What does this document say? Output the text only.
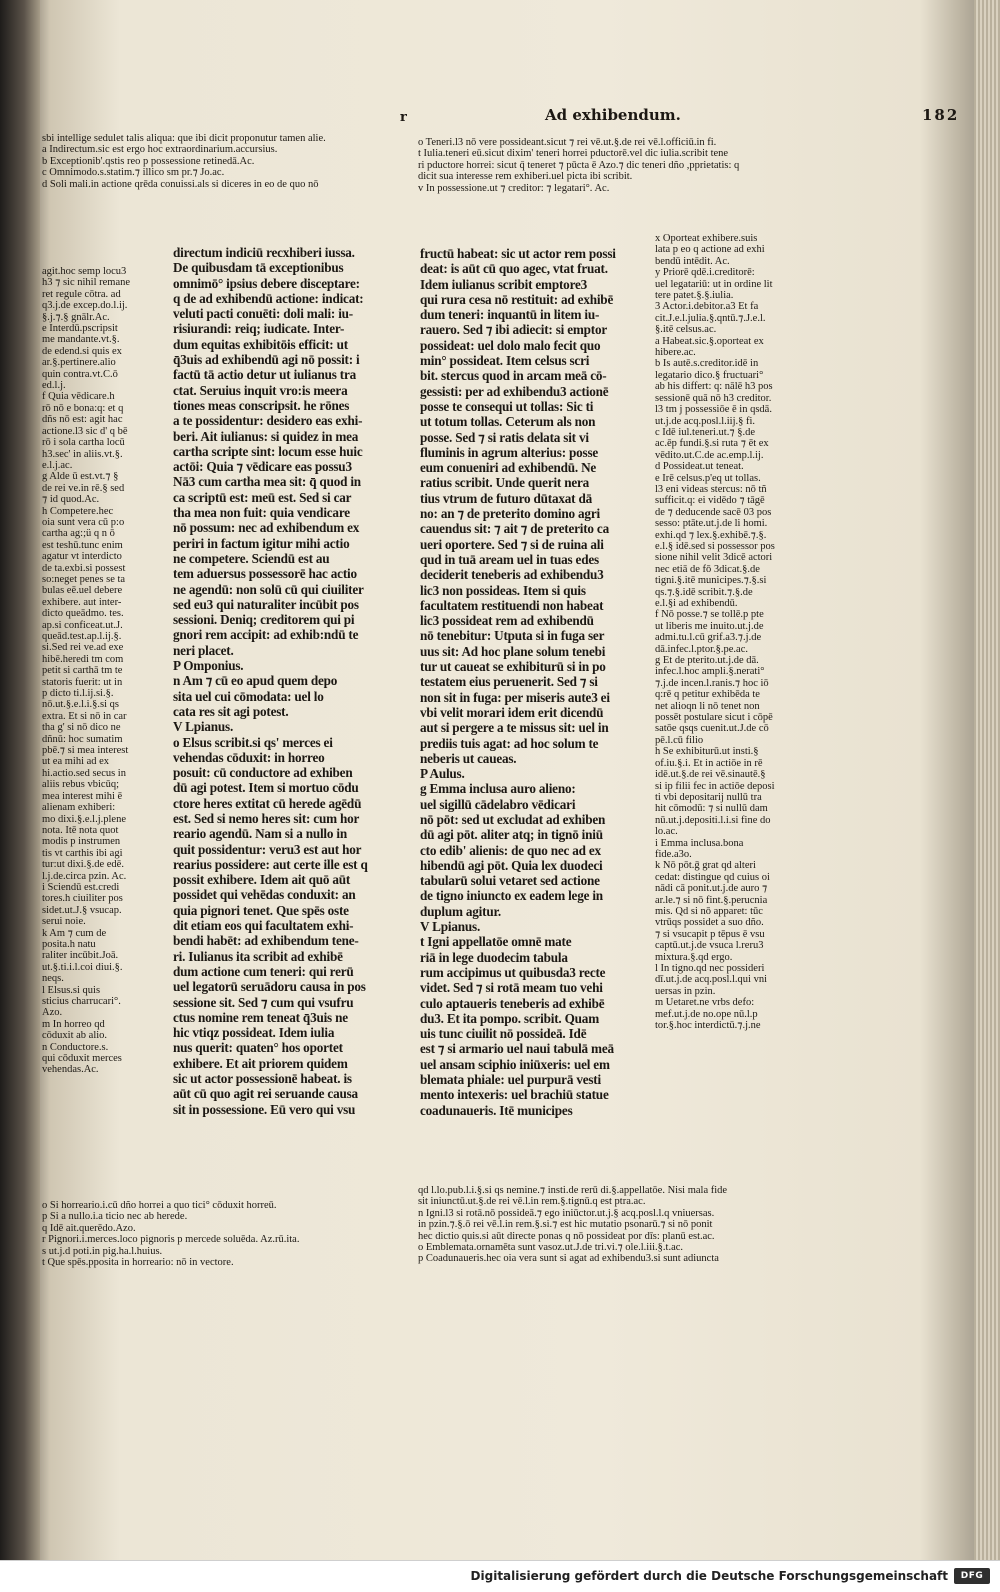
r	Ad exhibendum.	182
sbi intellige sedulet talis aliqua: que ibi dicit proponutur tamen alie.
a Indirectum.sic est ergo hoc extraordinarium.accursius.
b Exceptionib'.qstis reo p possessione retinedā.Ac.
c Omnimodo.s.statim.⁊ illico sm pr.⁊ Jo.ac.
d Soli mali.in actione qrēda conuissi.als si diceres in eo de quo nō
agit.hoc semp locu3
h3 ⁊ sic nihil remane
ret regule cōtra. ad
q3.j.de excep.do.l.ij.
§.j.⁊.§ gnālr.Ac.
e Interdū.pscripsit
me mandante.vt.§.
de edend.si quis ex
ar.§.pertinere.alio
quin contra.vt.C.ō
ed.l.j.
f Quia vēdicare.h
rō nō e bona:q: et q
dñs nō est: agit hac
actione.l3 sic d' q bē
rō i sola cartha locū
h3.sec' in aliis.vt.§.
e.l.j.ac.
g Alde ū est.vt.⁊ §
de rei ve.in rē.§ sed
⁊ id quod.Ac.
h Competere.hec
oia sunt vera cū p:o
cartha ag:;ü q n ō
est teshū.tunc enim
agatur vt interdicto
de ta.exbi.si possest
so:neget penes se ta
bulas eē.uel debere
exhibere. aut inter-
dicto queādmo. tes.
ap.si conficeat.ut.J.
queād.test.ap.l.ij.§.
si.Sed rei ve.ad exe
hibē.heredi tm com
petit si carthā tm te
statoris fuerit: ut in
p dicto ti.l.ij.si.§.
nō.ut.§.e.l.i.§.si qs
extra. Et si nō in car
tha g' si nō dico ne
dñnū: hoc sumatim
pbē.⁊ si mea interest
ut ea mihi ad ex
hi.actio.sed secus in
aliis rebus vbicūq;
mea interest mihi ē
alienam exhiberi:
mo dixi.§.e.l.j.plene
nota. Itē nota quot
modis p instrumen
tis vt carthis ibi agi
tur:ut dixi.§.de edē.
l.j.de.circa pzin. Ac.
i Sciendū est.credi
tores.h ciuiliter pos
sidet.ut.J.§ vsucap.
serui noie.
k Am ⁊ cum de
posita.h natu
raliter incūbit.Joā.
ut.§.ti.i.l.coi diui.§.
neqs.
l Elsus.si quis
sticius charrucari°.
Azo.
m In horreo qd
cōduxit ab alio.
n Conductore.s.
qui cōduxit merces
vehendas.Ac.
directum indiciū recxhiberi iussa.
De quibusdam tā exceptionibus
omnimō° ipsius debere disceptare:
q de ad exhibendū actione: indicat:
veluti pacti conuēti: doli mali: iu-
risiurandi: reiq; iudicate. Inter-
dum equitas exhibitōis efficit: ut
q̄3uis ad exhibendū agi nō possit: i
factū tā actio detur ut iulianus tra
ctat. Seruius inquit vro:is meera
tiones meas conscripsit. he rōnes
a te possidentur: desidero eas exhi-
beri. Ait iulianus: si quidez in mea
cartha scripte sint: locum esse huic
actōi: Quia ⁊ vēdicare eas possu3
Nā3 cum cartha mea sit: q̄ quod in
ca scriptū est: meū est. Sed si car
tha mea non fuit: quia vendicare
nō possum: nec ad exhibendum ex
periri in factum igitur mihi actio
ne competere. Sciendū est au
tem aduersus possessorē hac actio
ne agendū: non solū cū qui ciuiliter
sed eu3 qui naturaliter incūbit pos
sessioni. Deniq; creditorem qui pi
gnori rem accipit: ad exhib:ndū te
neri placet.
P Omponius.
n Am ⁊ cū eo apud quem depo
sita uel cui cōmodata: uel lo
cata res sit agi potest.
V Lpianus.
o Elsus scribit.si qs' merces ei
vehendas cōduxit: in horreo
posuit: cū conductore ad exhiben
dū agi potest. Item si mortuo cōdu
ctore heres extitat cū herede agēdū
est. Sed si nemo heres sit: cum hor
reario agendū. Nam si a nullo in
quit possidentur: veru3 est aut hor
rearius possidere: aut certe ille est q
possit exhibere. Idem ait quō aūt
possidet qui vehēdas conduxit: an
quia pignori tenet. Que spēs oste
dit etiam eos qui facultatem exhi-
bendi habēt: ad exhibendum tene-
ri. Iulianus ita scribit ad exhibē
dum actione cum teneri: qui rerū
uel legatorū seruādoru causa in pos
sessione sit. Sed ⁊ cum qui vsufru
ctus nomine rem teneat q̄3uis ne
hic vtiqz possideat. Idem iulia
nus querit: quaten° hos oportet
exhibere. Et ait priorem quidem
sic ut actor possessionē habeat. is
aūt cū quo agit rei seruande causa
sit in possessione. Eū vero qui vsu
o Si horreario.i.cū dño horrei a quo tici° cōduxit horreū.
p Si a nullo.i.a ticio nec ab herede.
q Idē ait.querēdo.Azo.
r Pignori.i.merces.loco pignoris p mercede soluēda. Az.rū.ita.
s ut.j.d poti.in pig.ha.l.huius.
t Que spēs.pposita in horreario: nō in vectore.
o Teneri.l3 nō vere possideant.sicut ⁊ rei vē.ut.§.de rei vē.l.officiū.in fi.
t Iulia.teneri eū.sicut dixim' teneri horrei pductorē.vel dic iulia.scribit tene
ri pductore horrei: sicut q̄ teneret ⁊ pūcta ē Azo.⁊ dic teneri dño ,pprietatis: q
dicit sua interesse rem exhiberi.uel picta ibi scribit.
v In possessione.ut ⁊ creditor: ⁊ legatari°. Ac.
fructū habeat: sic ut actor rem possi
deat: is aūt cū quo agec, vtat fruat.
Idem iulianus scribit emptore3
qui rura cesa nō restituit: ad exhibē
dum teneri: inquantū in litem iu-
rauero. Sed ⁊ ibi adiecit: si emptor
possideat: uel dolo malo fecit quo
min° possideat. Item celsus scri
bit. stercus quod in arcam meā cō-
gessisti: per ad exhibendu3 actionē
posse te consequi ut tollas: Sic ti
ut totum tollas. Ceterum als non
posse. Sed ⁊ si ratis delata sit vi
fluminis in agrum alterius: posse
eum conueniri ad exhibendū. Ne
ratius scribit. Unde querit nera
tius vtrum de futuro dūtaxat dā
no: an ⁊ de preterito domino agri
cauendus sit: ⁊ ait ⁊ de preterito ca
ueri oportere. Sed ⁊ si de ruina ali
qud in tuā aream uel in tuas edes
deciderit teneberis ad exhibendu3
lic3 non possideas. Item si quis
facultatem restituendi non habeat
lic3 possideat rem ad exhibendū
nō tenebitur: Utputa si in fuga ser
uus sit: Ad hoc plane solum tenebi
tur ut caueat se exhibiturū si in po
testatem eius peruenerit. Sed ⁊ si
non sit in fuga: per miseris aute3 ei
vbi velit morari idem erit dicendū
aut si pergere a te missus sit: uel in
prediis tuis agat: ad hoc solum te
neberis ut caueas.
P Aulus.
g Emma inclusa auro alieno:
uel sigillū cādelabro vēdicari
nō pōt: sed ut excludat ad exhiben
dū agi pōt. aliter atq; in tignō iniū
cto edib' alienis: de quo nec ad ex
hibendū agi pōt. Quia lex duodeci
tabularū solui vetaret sed actione
de tigno iniuncto ex eadem lege in
duplum agitur.
V Lpianus.
t Igni appellatōe omnē mate
riā in lege duodecim tabula
rum accipimus ut quibusda3 recte
videt. Sed ⁊ si rotā meam tuo vehi
culo aptaueris teneberis ad exhibē
du3. Et ita pompo. scribit. Quam
uis tunc ciuilit nō possideā. Idē
est ⁊ si armario uel naui tabulā meā
uel ansam sciphio iniūxeris: uel em
blemata phiale: uel purpurā vesti
mento intexeris: uel brachiū statue
coadunaueris. Itē municipes
x Oporteat exhibere.suis
lata p eo q actione ad exhi
bendū intēdit. Ac.
y Priorē qdē.i.creditorē:
uel legatariū: ut in ordine lit
tere patet.§.§.iulia.
3 Actor.i.debitor.a3 Et fa
cit.J.e.l.julia.§.qntū.⁊.J.e.l.
§.itē celsus.ac.
a Habeat.sic.§.oporteat ex
hibere.ac.
b Is autē.s.creditor.idē in
legatario dico.§ fructuari°
ab his differt: q: nālē h3 pos
sessionē quā nō h3 creditor.
l3 tm j possessiōe ē in qsdā.
ut.j.de acq.posl.l.iij.§ fi.
c Idē iul.teneri.ut.⁊ §.de
ac.ēp fundi.§.si ruta ⁊ ēt ex
vēdito.ut.C.de ac.emp.l.ij.
d Possideat.ut teneat.
e Irē celsus.p'eq ut tollas.
l3 eni videas stercus: nō tñ
sufficit.q: ei vidēdo ⁊ tāgē
de ⁊ deducende sacē 03 pos
sesso: ptāte.ut.j.de li homi.
exhi.qd ⁊ lex.§.exhibē.⁊.§.
e.l.§ idē.sed si possessor pos
sione nihil velit 3dicē actori
nec etiā de fō 3dicat.§.de
tigni.§.itē municipes.⁊.§.si
qs.⁊.§.idē scribit.⁊.§.de
e.l.§i ad exhibendū.
f Nō posse.⁊ se tollē.p pte
ut liberis me inuito.ut.j.de
admi.tu.l.cū grif.a3.⁊.j.de
dā.infec.l.ptor.§.pe.ac.
g Et de pterito.ut.j.de dā.
infec.l.hoc ampli.§.nerati°
⁊.j.de incen.l.ranis.⁊ hoc iō
q:rē q petitur exhibēda te
net alioqn li nō tenet non
possēt postulare sicut i cōpē
satōe qsqs cuenit.ut.J.de cō
pē.l.cū filio
h Se exhibiturū.ut insti.§
of.iu.§.i. Et in actiōe in rē
idē.ut.§.de rei vē.sinautē.§
si ip filii fec in actiōe deposi
ti vbi depositarij nullū tra
hit cōmodū: ⁊ si nullū dam
nū.ut.j.depositi.l.i.si fine do
lo.ac.
i Emma inclusa.bona
fide.a3o.
k Nō pōt.ḡ grat qd alteri
cedat: distingue qd cuius oi
nādi cā ponit.ut.j.de auro ⁊
ar.le.⁊ si nō fint.§.perucnia
mis. Qd si nō apparet: tūc
vtrūqs possidet a suo dño.
⁊ si vsucapit p tēpus ē vsu
captū.ut.j.de vsuca l.reru3
mixtura.§.qd ergo.
l In tigno.qd nec possideri
dī.ut.j.de acq.posl.l.qui vni
uersas in pzin.
m Uetaret.ne vrbs defo:
mef.ut.j.de no.ope nū.l.p
tor.§.hoc interdictū.⁊.j.ne
qd l.lo.pub.l.i.§.si qs nemine.⁊ insti.de rerū di.§.appellatōe. Nisi mala fide
sit iniunctū.ut.§.de rei vē.l.in rem.§.tignū.q est ptra.ac.
n Igni.l3 si rotā.nō possideā.⁊ ego iniūctor.ut.j.§ acq.posl.l.q vniuersas.
in pzin.⁊.§.ō rei vē.l.in rem.§.si.⁊ est hic mutatio psonarū.⁊ si nō ponit
hec dictio quis.si aūt directe ponas q nō possideat por dīs: planū est.ac.
o Emblemata.ornamēta sunt vasoz.ut.J.de tri.vi.⁊ ole.l.iii.§.t.ac.
p Coadunaueris.hec oia vera sunt si agat ad exhibendu3.si sunt adiuncta
Digitalisierung gefördert durch die Deutsche Forschungsgemeinschaft	DFG
